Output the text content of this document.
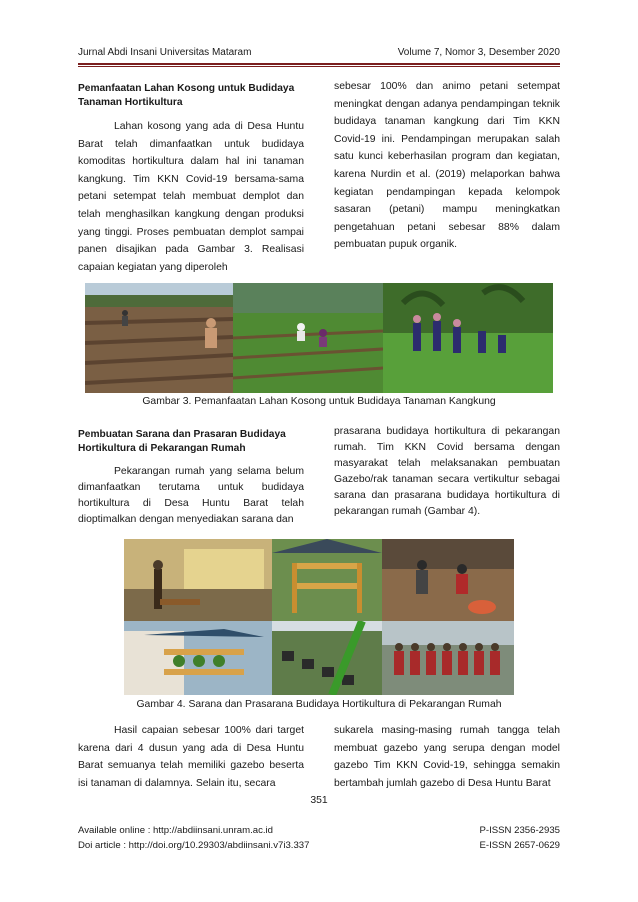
Jurnal Abdi Insani Universitas Mataram	Volume 7, Nomor 3, Desember 2020
Pemanfaatan Lahan Kosong untuk Budidaya Tanaman Hortikultura

Lahan kosong yang ada di Desa Huntu Barat telah dimanfaatkan untuk budidaya komoditas hortikultura dalam hal ini tanaman kangkung. Tim KKN Covid-19 bersama-sama petani setempat telah membuat demplot dan telah menghasilkan kangkung dengan produksi yang tinggi. Proses pembuatan demplot sampai panen disajikan pada Gambar 3. Realisasi capaian kegiatan yang diperoleh

sebesar 100% dan animo petani setempat meningkat dengan adanya pendampingan teknik budidaya tanaman kangkung dari Tim KKN Covid-19 ini. Pendampingan merupakan salah satu kunci keberhasilan program dan kegiatan, karena Nurdin et al. (2019) melaporkan bahwa kegiatan pendampingan kepada kelompok sasaran (petani) mampu meningkatkan pengetahuan petani sebesar 88% dalam pembuatan pupuk organik.

Gambar 3. Pemanfaatan Lahan Kosong untuk Budidaya Tanaman Kangkung
Pembuatan Sarana dan Prasaran Budidaya Hortikultura di Pekarangan Rumah

Pekarangan rumah yang selama belum dimanfaatkan terutama untuk budidaya hortikultura di Desa Huntu Barat telah dioptimalkan dengan menyediakan sarana dan

prasarana budidaya hortikultura di pekarangan rumah. Tim KKN Covid bersama dengan masyarakat telah melaksanakan pembuatan Gazebo/rak tanaman secara vertikultur sebagai sarana dan prasarana budidaya hortikultura di pekarangan rumah (Gambar 4).

Gambar 4. Sarana dan Prasarana Budidaya Hortikultura di Pekarangan Rumah

Hasil capaian sebesar 100% dari target karena dari 4 dusun yang ada di Desa Huntu Barat semuanya telah memiliki gazebo beserta isi tanaman di dalamnya. Selain itu, secara

sukarela masing-masing rumah tangga telah membuat gazebo yang serupa dengan model gazebo Tim KKN Covid-19, sehingga semakin bertambah jumlah gazebo di Desa Huntu Barat

351
Available online : http://abdiinsani.unram.ac.id
Doi article : http://doi.org/10.29303/abdiinsani.v7i3.337
P-ISSN 2356-2935
E-ISSN 2657-0629
